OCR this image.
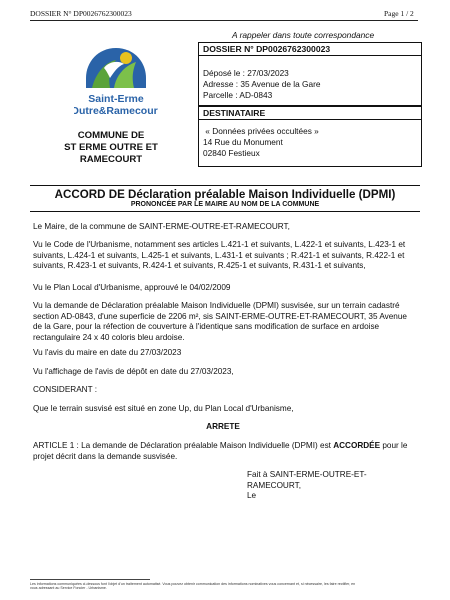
DOSSIER N° DP0026762300023	Page 1 / 2
Saint-Erme
Outre&Ramecourt
A rappeler dans toute correspondance
DOSSIER N° DP0026762300023
Déposé le : 27/03/2023
Adresse : 35 Avenue de la Gare
Parcelle : AD-0843
DESTINATAIRE
« Données privées occultées »
14 Rue du Monument
02840 Festieux
COMMUNE DE
ST ERME OUTRE ET
RAMECOURT
ACCORD DE Déclaration préalable Maison Individuelle (DPMI)
PRONONCÉE PAR LE MAIRE AU NOM DE LA COMMUNE
Le Maire, de la commune de SAINT-ERME-OUTRE-ET-RAMECOURT,
Vu le Code de l'Urbanisme, notamment ses articles L.421-1 et suivants, L.422-1 et suivants, L.423-1 et
suivants, L.424-1 et suivants, L.425-1 et suivants, L.431-1 et suivants ; R.421-1 et suivants, R.422-1 et
suivants, R.423-1 et suivants, R.424-1 et suivants, R.425-1 et suivants, R.431-1 et suivants,
Vu le Plan Local d'Urbanisme, approuvé le 04/02/2009
Vu la demande de Déclaration préalable Maison Individuelle (DPMI) susvisée, sur un terrain cadastré
section AD-0843, d'une superficie de 2206 m², sis SAINT-ERME-OUTRE-ET-RAMECOURT, 35 Avenue
de la Gare, pour la réfection de couverture à l'identique sans modification de surface en ardoise
rectangulaire 24 x 40 coloris bleu ardoise.
Vu l'avis du maire en date du 27/03/2023
Vu l'affichage de l'avis de dépôt en date du 27/03/2023,
CONSIDERANT :
Que le terrain susvisé est situé en zone Up, du Plan Local d'Urbanisme,
ARRETE
ARTICLE 1 : La demande de Déclaration préalable Maison Individuelle (DPMI) est ACCORDÉE pour le
projet décrit dans la demande susvisée.
Fait à SAINT-ERME-OUTRE-ET-
RAMECOURT,
Le
Les informations communiquées ci-dessous font l'objet d'un traitement automatisé. Vous pouvez obtenir communication des informations nominatives vous concernant et, si nécessaire, les faire rectifier, en
vous adressant au Service Foncier - Urbanisme.
